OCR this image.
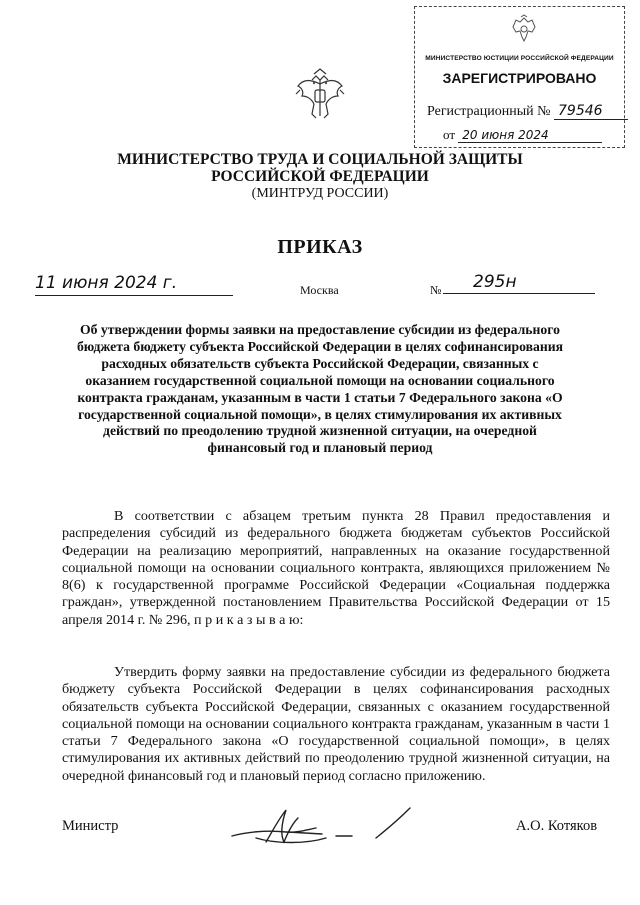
МИНИСТЕРСТВО ЮСТИЦИИ РОССИЙСКОЙ ФЕДЕРАЦИИ
ЗАРЕГИСТРИРОВАНО
Регистрационный № 79546
от 20 июня 2024
МИНИСТЕРСТВО ТРУДА И СОЦИАЛЬНОЙ ЗАЩИТЫ
РОССИЙСКОЙ ФЕДЕРАЦИИ
(МИНТРУД РОССИИ)
ПРИКАЗ
11 июня 2024 г.	Москва	№	295н
Об утверждении формы заявки на предоставление субсидии из федерального бюджета бюджету субъекта Российской Федерации в целях софинансирования расходных обязательств субъекта Российской Федерации, связанных с оказанием государственной социальной помощи на основании социального контракта гражданам, указанным в части 1 статьи 7 Федерального закона «О государственной социальной помощи», в целях стимулирования их активных действий по преодолению трудной жизненной ситуации, на очередной финансовый год и плановый период
В соответствии с абзацем третьим пункта 28 Правил предоставления и распределения субсидий из федерального бюджета бюджетам субъектов Российской Федерации на реализацию мероприятий, направленных на оказание государственной социальной помощи на основании социального контракта, являющихся приложением № 8(6) к государственной программе Российской Федерации «Социальная поддержка граждан», утвержденной постановлением Правительства Российской Федерации от 15 апреля 2014 г. № 296, п р и к а з ы в а ю:
Утвердить форму заявки на предоставление субсидии из федерального бюджета бюджету субъекта Российской Федерации в целях софинансирования расходных обязательств субъекта Российской Федерации, связанных с оказанием государственной социальной помощи на основании социального контракта гражданам, указанным в части 1 статьи 7 Федерального закона «О государственной социальной помощи», в целях стимулирования их активных действий по преодолению трудной жизненной ситуации, на очередной финансовый год и плановый период согласно приложению.
Министр	А.О. Котяков
